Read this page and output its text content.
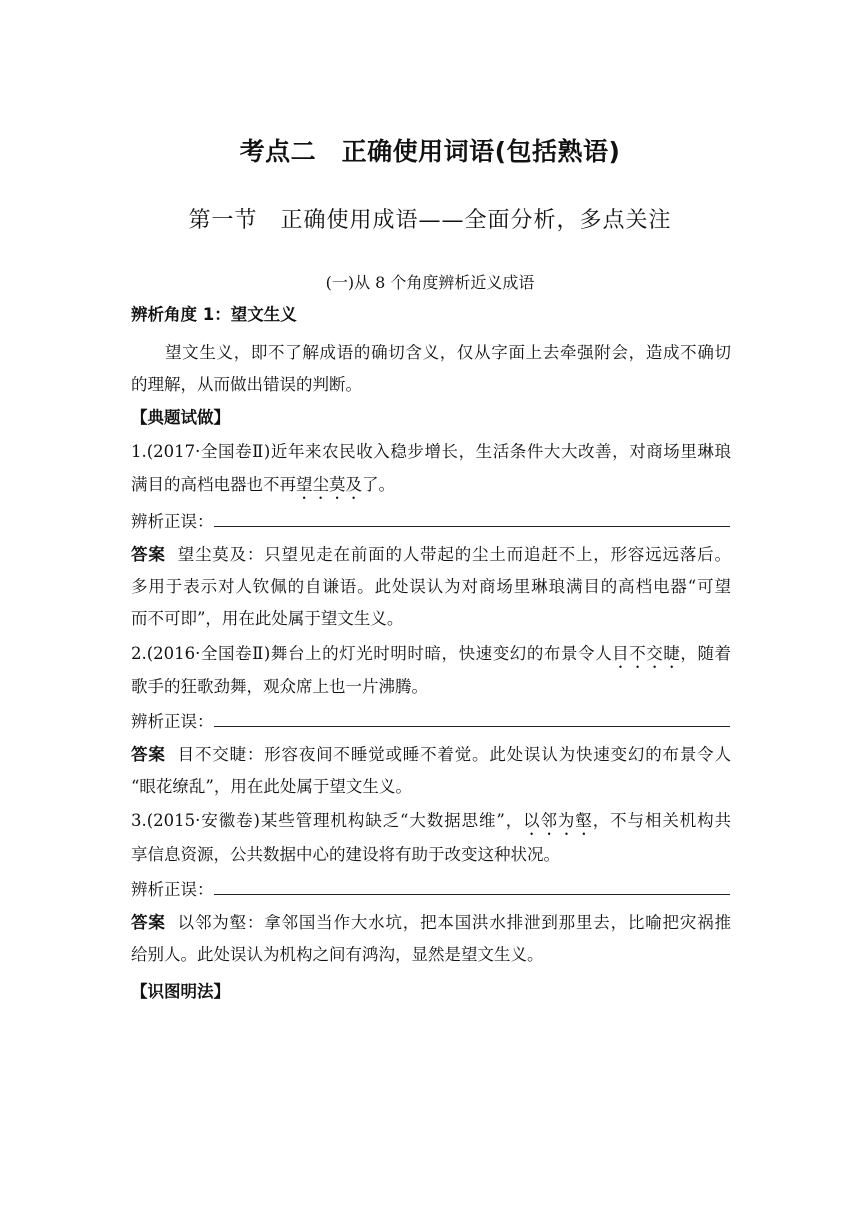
考点二　正确使用词语(包括熟语)
第一节　正确使用成语——全面分析，多点关注
(一)从 8 个角度辨析近义成语
辨析角度 1：望文生义
望文生义，即不了解成语的确切含义，仅从字面上去牵强附会，造成不确切
的理解，从而做出错误的判断。
【典题试做】
1.(2017·全国卷Ⅱ)近年来农民收入稳步增长，生活条件大大改善，对商场里琳琅
满目的高档电器也不再望尘莫及了。
辨析正误：
答案 望尘莫及：只望见走在前面的人带起的尘土而追赶不上，形容远远落后。
多用于表示对人钦佩的自谦语。此处误认为对商场里琳琅满目的高档电器“可望
而不可即”，用在此处属于望文生义。
2.(2016·全国卷Ⅱ)舞台上的灯光时明时暗，快速变幻的布景令人目不交睫，随着
歌手的狂歌劲舞，观众席上也一片沸腾。
辨析正误：
答案 目不交睫：形容夜间不睡觉或睡不着觉。此处误认为快速变幻的布景令人
“眼花缭乱”，用在此处属于望文生义。
3.(2015·安徽卷)某些管理机构缺乏“大数据思维”，以邻为壑，不与相关机构共
享信息资源，公共数据中心的建设将有助于改变这种状况。
辨析正误：
答案 以邻为壑：拿邻国当作大水坑，把本国洪水排泄到那里去，比喻把灾祸推
给别人。此处误认为机构之间有鸿沟，显然是望文生义。
【识图明法】
